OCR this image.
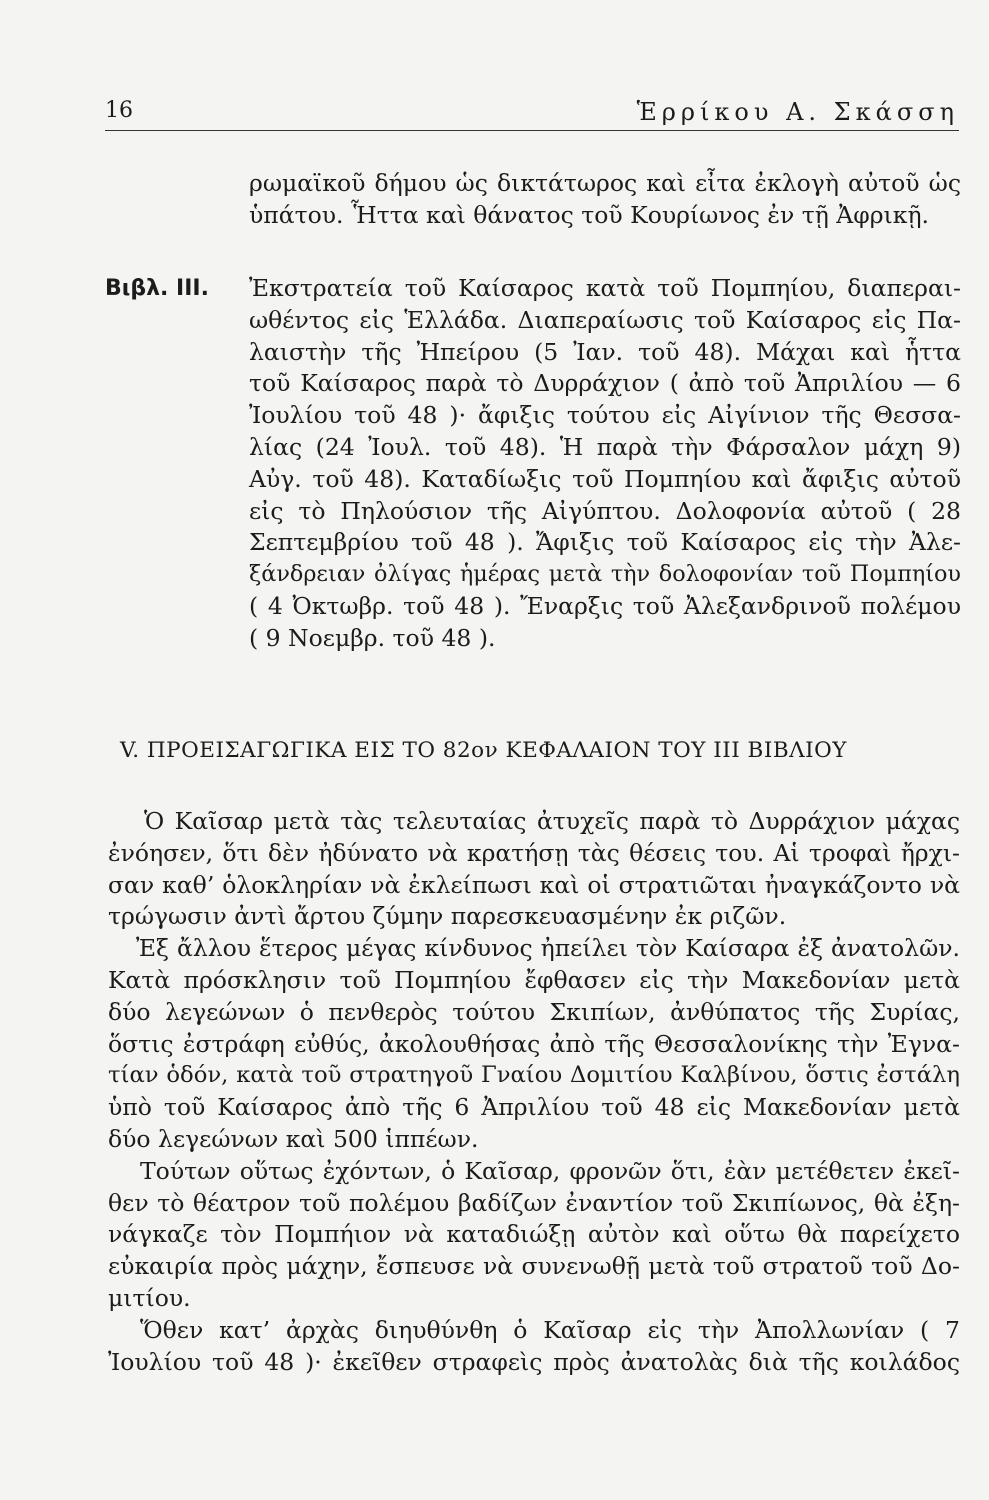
16	Ἑρρίκου Α. Σκάσση
ρωμαϊκοῦ δήμου ὡς δικτάτωρος καὶ εἶτα ἐκλογὴ αὐτοῦ ὡς
ὑπάτου. Ἧττα καὶ θάνατος τοῦ Κουρίωνος ἐν τῇ Ἀφρικῇ.
Βιβλ. III. Ἐκστρατεία τοῦ Καίσαρος κατὰ τοῦ Πομπηίου, διαπεραι-
ωθέντος εἰς Ἑλλάδα. Διαπεραίωσις τοῦ Καίσαρος εἰς Πα-
λαιστὴν τῆς Ἠπείρου (5 Ἰαν. τοῦ 48). Μάχαι καὶ ἧττα
τοῦ Καίσαρος παρὰ τὸ Δυρράχιον ( ἀπὸ τοῦ Ἀπριλίου — 6
Ἰουλίου τοῦ 48 )· ἄφιξις τούτου εἰς Αἰγίνιον τῆς Θεσσα-
λίας (24 Ἰουλ. τοῦ 48). Ἡ παρὰ τὴν Φάρσαλον μάχη 9)
Αὐγ. τοῦ 48). Καταδίωξις τοῦ Πομπηίου καὶ ἄφιξις αὐτοῦ
εἰς τὸ Πηλούσιον τῆς Αἰγύπτου. Δολοφονία αὐτοῦ ( 28
Σεπτεμβρίου τοῦ 48 ). Ἄφιξις τοῦ Καίσαρος εἰς τὴν Ἀλε-
ξάνδρειαν ὀλίγας ἡμέρας μετὰ τὴν δολοφονίαν τοῦ Πομπηίου
( 4 Ὀκτωβρ. τοῦ 48 ). Ἔναρξις τοῦ Ἀλεξανδρινοῦ πολέμου
( 9 Νοεμβρ. τοῦ 48 ).
V. ΠΡΟΕΙΣΑΓΩΓΙΚΑ ΕΙΣ ΤΟ 82ον ΚΕΦΑΛΑΙΟΝ ΤΟΥ III ΒΙΒΛΙΟΥ
Ὁ Καῖσαρ μετὰ τὰς τελευταίας ἀτυχεῖς παρὰ τὸ Δυρράχιον μάχας
ἐνόησεν, ὅτι δὲν ἠδύνατο νὰ κρατήσῃ τὰς θέσεις του. Αἱ τροφαὶ ἤρχι-
σαν καθ’ ὁλοκληρίαν νὰ ἐκλείπωσι καὶ οἱ στρατιῶται ἠναγκάζοντο νὰ
τρώγωσιν ἀντὶ ἄρτου ζύμην παρεσκευασμένην ἐκ ριζῶν.
Ἐξ ἄλλου ἕτερος μέγας κίνδυνος ἠπείλει τὸν Καίσαρα ἐξ ἀνατολῶν.
Κατὰ πρόσκλησιν τοῦ Πομπηίου ἔφθασεν εἰς τὴν Μακεδονίαν μετὰ
δύο λεγεώνων ὁ πενθερὸς τούτου Σκιπίων, ἀνθύπατος τῆς Συρίας,
ὅστις ἐστράφη εὐθύς, ἀκολουθήσας ἀπὸ τῆς Θεσσαλονίκης τὴν Ἐγνα-
τίαν ὁδόν, κατὰ τοῦ στρατηγοῦ Γναίου Δομιτίου Καλβίνου, ὅστις ἐστάλη
ὑπὸ τοῦ Καίσαρος ἀπὸ τῆς 6 Ἀπριλίου τοῦ 48 εἰς Μακεδονίαν μετὰ
δύο λεγεώνων καὶ 500 ἱππέων.
Τούτων οὕτως ἐχόντων, ὁ Καῖσαρ, φρονῶν ὅτι, ἐὰν μετέθετεν ἐκεῖ-
θεν τὸ θέατρον τοῦ πολέμου βαδίζων ἐναντίον τοῦ Σκιπίωνος, θὰ ἐξη-
νάγκαζε τὸν Πομπήιον νὰ καταδιώξῃ αὐτὸν καὶ οὕτω θὰ παρείχετο
εὐκαιρία πρὸς μάχην, ἔσπευσε νὰ συνενωθῇ μετὰ τοῦ στρατοῦ τοῦ Δο-
μιτίου.
Ὅθεν κατ’ ἀρχὰς διηυθύνθη ὁ Καῖσαρ εἰς τὴν Ἀπολλωνίαν ( 7
Ἰουλίου τοῦ 48 )· ἐκεῖθεν στραφεὶς πρὸς ἀνατολὰς διὰ τῆς κοιλάδος
